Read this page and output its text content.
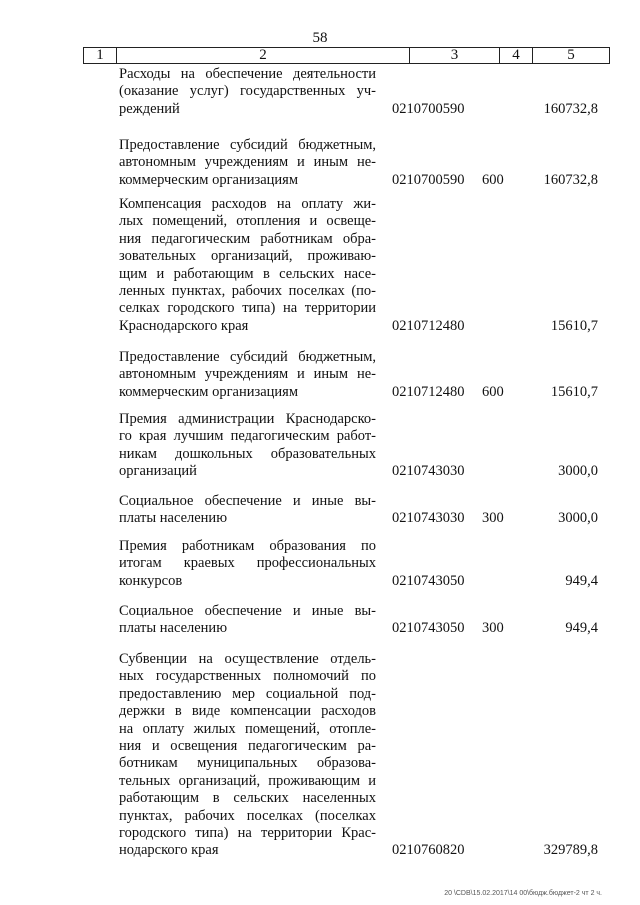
58
1	2	3	4	5
Расходы на обеспечение деятельности
(оказание услуг) государственных уч-
реждений	0210700590	160732,8
Предоставление субсидий бюджетным,
автономным учреждениям и иным не-
коммерческим организациям	0210700590 600	160732,8
Компенсация расходов на оплату жи-
лых помещений, отопления и освеще-
ния педагогическим работникам обра-
зовательных организаций, проживаю-
щим и работающим в сельских насе-
ленных пунктах, рабочих поселках (по-
селках городского типа) на территории
Краснодарского края	0210712480	15610,7
Предоставление субсидий бюджетным,
автономным учреждениям и иным не-
коммерческим организациям	0210712480 600	15610,7
Премия администрации Краснодарско-
го края лучшим педагогическим работ-
никам дошкольных образовательных
организаций	0210743030	3000,0
Социальное обеспечение и иные вы-
платы населению	0210743030 300	3000,0
Премия работникам образования по
итогам краевых профессиональных
конкурсов	0210743050	949,4
Социальное обеспечение и иные вы-
платы населению	0210743050 300	949,4
Субвенции на осуществление отдель-
ных государственных полномочий по
предоставлению мер социальной под-
держки в виде компенсации расходов
на оплату жилых помещений, отопле-
ния и освещения педагогическим ра-
ботникам муниципальных образова-
тельных организаций, проживающим и
работающим в сельских населенных
пунктах, рабочих поселках (поселках
городского типа) на территории Крас-
нодарского края	0210760820	329789,8
20 \CDB\15.02.2017\14 00\бюдж.бюджет-2 чт 2 ч.
